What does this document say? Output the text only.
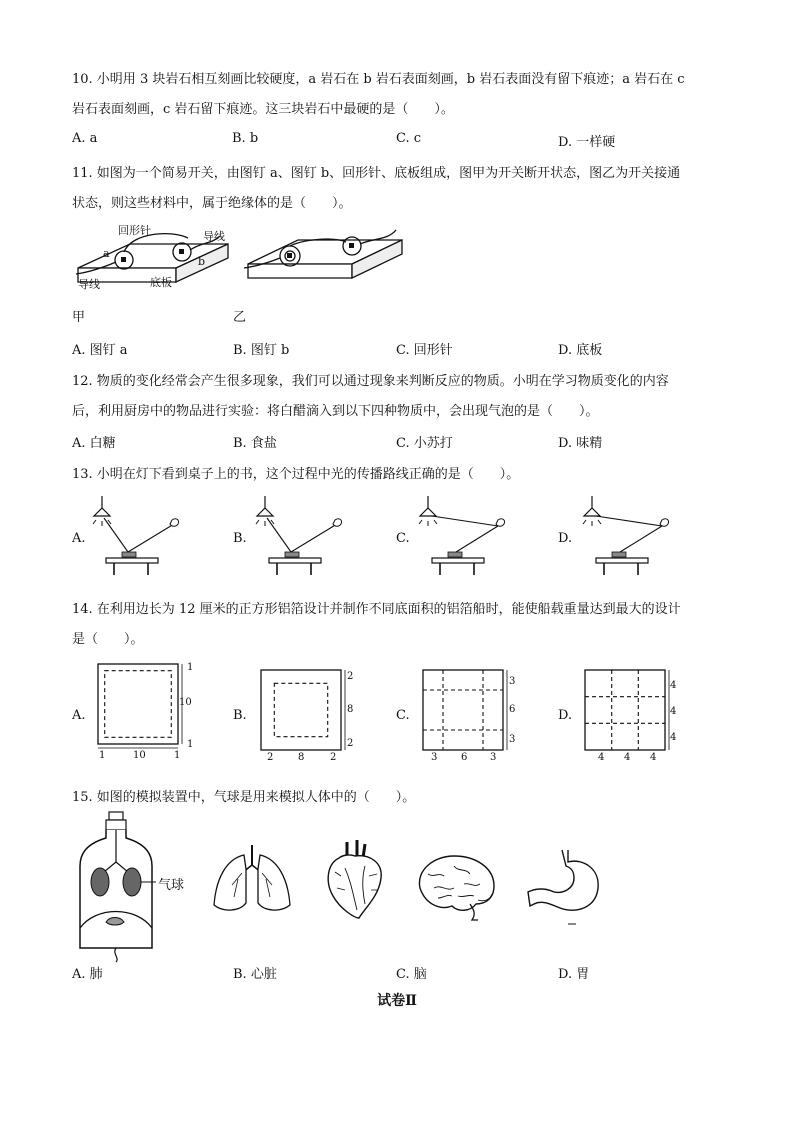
10. 小明用 3 块岩石相互刻画比较硬度，a 岩石在 b 岩石表面刻画，b 岩石表面没有留下痕迹；a 岩石在 c
岩石表面刻画，c 岩石留下痕迹。这三块岩石中最硬的是（　　）。
A. a	B. b	C. c	D. 一样硬
11. 如图为一个简易开关，由图钉 a、图钉 b、回形针、底板组成，图甲为开关断开状态，图乙为开关接通
状态，则这些材料中，属于绝缘体的是（　　）。
回形针	导线
a
b
导线	底板
甲	乙
A. 图钉 a	B. 图钉 b	C. 回形针	D. 底板
12. 物质的变化经常会产生很多现象，我们可以通过现象来判断反应的物质。小明在学习物质变化的内容
后，利用厨房中的物品进行实验：将白醋滴入到以下四种物质中，会出现气泡的是（　　）。
A. 白糖	B. 食盐	C. 小苏打	D. 味精
13. 小明在灯下看到桌子上的书，这个过程中光的传播路线正确的是（　　）。
A.	B.	C.	D.
14. 在利用边长为 12 厘米的正方形铝箔设计并制作不同底面积的铝箔船时，能使船载重量达到最大的设计
是（　　）。
A.	B.	C.	D.
1
10
1
1	10	1
2
8
2
2 8	2
3
6
3
3 6 3
4
4
4
4 4 4
15. 如图的模拟装置中，气球是用来模拟人体中的（　　）。
气球
A. 肺	B. 心脏	C. 脑	D. 胃
试卷Ⅱ
